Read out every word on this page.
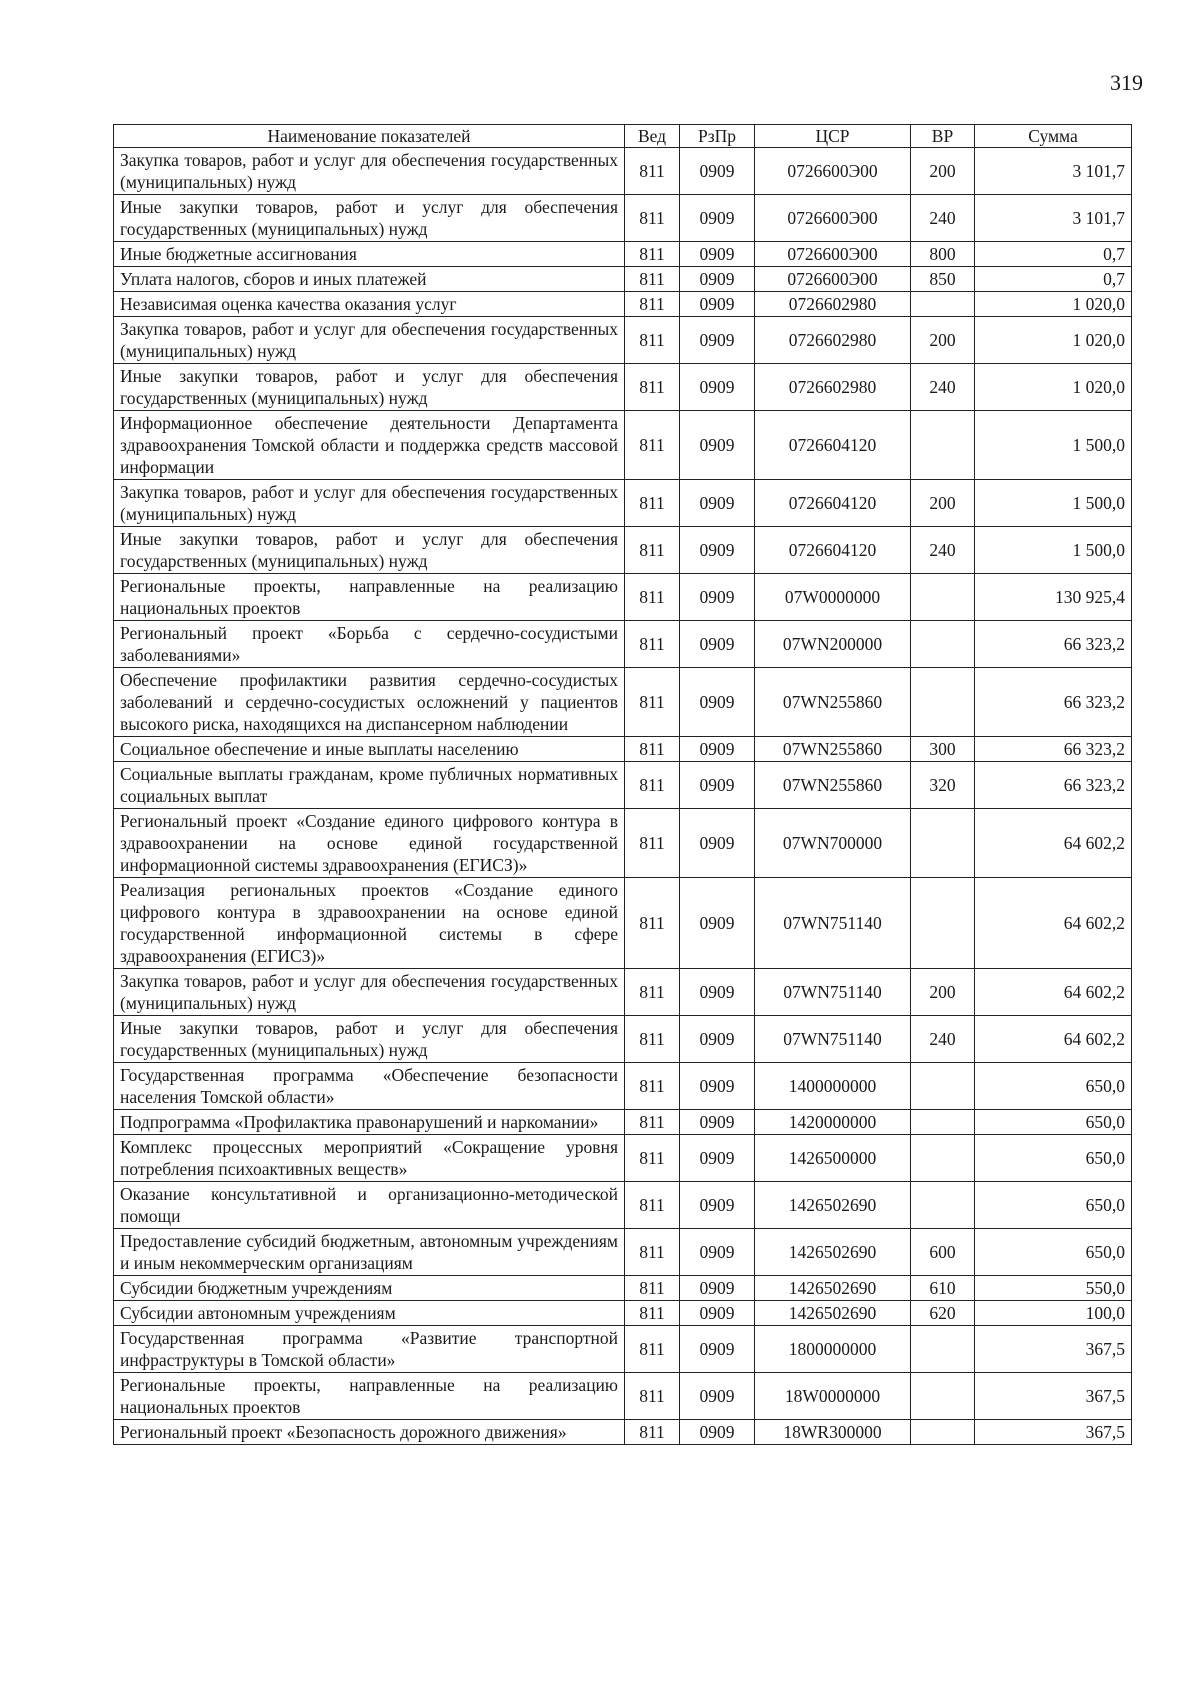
319
Наименование показателей	Вед	РзПр	ЦСР	ВР	Сумма
Закупка товаров, работ и услуг для обеспечения государственных (муниципальных) нужд	811	0909	0726600Э00	200	3 101,7
Иные закупки товаров, работ и услуг для обеспечения государственных (муниципальных) нужд	811	0909	0726600Э00	240	3 101,7
Иные бюджетные ассигнования	811	0909	0726600Э00	800	0,7
Уплата налогов, сборов и иных платежей	811	0909	0726600Э00	850	0,7
Независимая оценка качества оказания услуг	811	0909	0726602980		1 020,0
Закупка товаров, работ и услуг для обеспечения государственных (муниципальных) нужд	811	0909	0726602980	200	1 020,0
Иные закупки товаров, работ и услуг для обеспечения государственных (муниципальных) нужд	811	0909	0726602980	240	1 020,0
Информационное обеспечение деятельности Департамента здравоохранения Томской области и поддержка средств массовой информации	811	0909	0726604120		1 500,0
Закупка товаров, работ и услуг для обеспечения государственных (муниципальных) нужд	811	0909	0726604120	200	1 500,0
Иные закупки товаров, работ и услуг для обеспечения государственных (муниципальных) нужд	811	0909	0726604120	240	1 500,0
Региональные проекты, направленные на реализацию национальных проектов	811	0909	07W0000000		130 925,4
Региональный проект «Борьба с сердечно-сосудистыми заболеваниями»	811	0909	07WN200000		66 323,2
Обеспечение профилактики развития сердечно-сосудистых заболеваний и сердечно-сосудистых осложнений у пациентов высокого риска, находящихся на диспансерном наблюдении	811	0909	07WN255860		66 323,2
Социальное обеспечение и иные выплаты населению	811	0909	07WN255860	300	66 323,2
Социальные выплаты гражданам, кроме публичных нормативных социальных выплат	811	0909	07WN255860	320	66 323,2
Региональный проект «Создание единого цифрового контура в здравоохранении на основе единой государственной информационной системы здравоохранения (ЕГИСЗ)»	811	0909	07WN700000		64 602,2
Реализация региональных проектов «Создание единого цифрового контура в здравоохранении на основе единой государственной информационной системы в сфере здравоохранения (ЕГИСЗ)»	811	0909	07WN751140		64 602,2
Закупка товаров, работ и услуг для обеспечения государственных (муниципальных) нужд	811	0909	07WN751140	200	64 602,2
Иные закупки товаров, работ и услуг для обеспечения государственных (муниципальных) нужд	811	0909	07WN751140	240	64 602,2
Государственная программа «Обеспечение безопасности населения Томской области»	811	0909	1400000000		650,0
Подпрограмма «Профилактика правонарушений и наркомании»	811	0909	1420000000		650,0
Комплекс процессных мероприятий «Сокращение уровня потребления психоактивных веществ»	811	0909	1426500000		650,0
Оказание консультативной и организационно-методической помощи	811	0909	1426502690		650,0
Предоставление субсидий бюджетным, автономным учреждениям и иным некоммерческим организациям	811	0909	1426502690	600	650,0
Субсидии бюджетным учреждениям	811	0909	1426502690	610	550,0
Субсидии автономным учреждениям	811	0909	1426502690	620	100,0
Государственная программа «Развитие транспортной инфраструктуры в Томской области»	811	0909	1800000000		367,5
Региональные проекты, направленные на реализацию национальных проектов	811	0909	18W0000000		367,5
Региональный проект «Безопасность дорожного движения»	811	0909	18WR300000		367,5
